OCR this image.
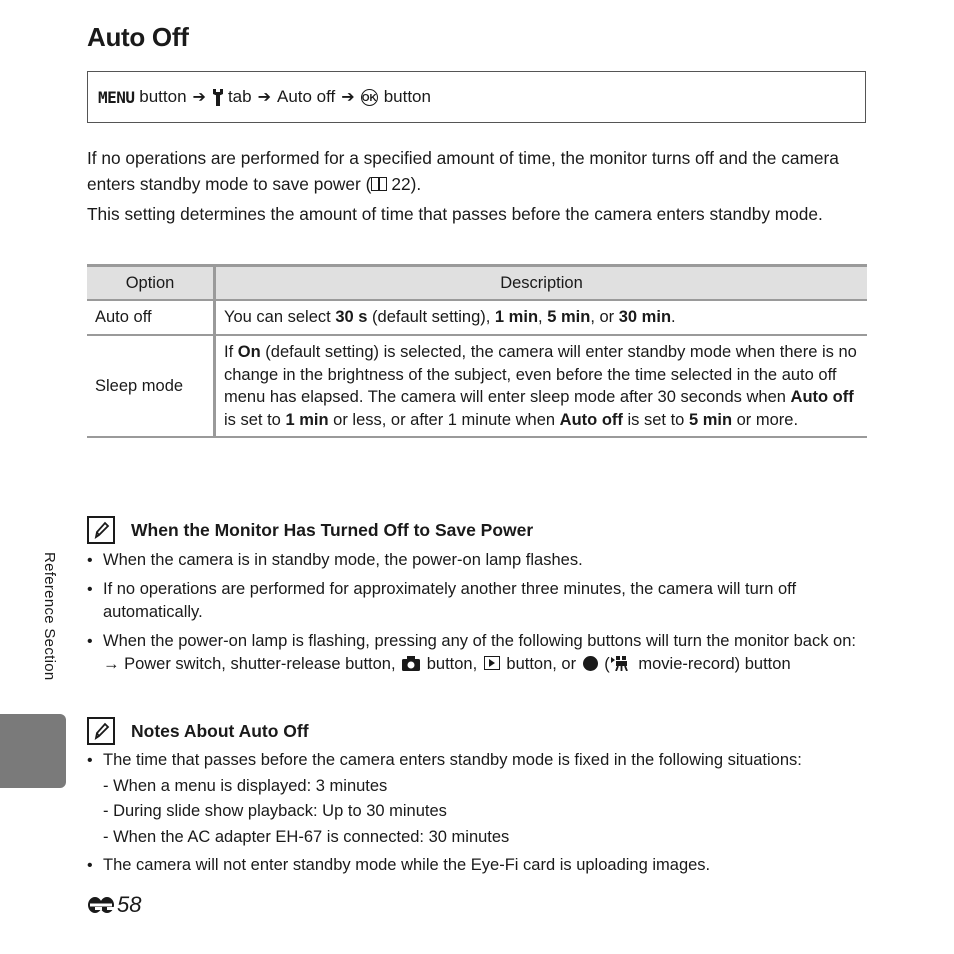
Auto Off
MENU
button ➔ tab ➔ Auto off ➔ OK button

If no operations are performed for a specified amount of time, the monitor turns off and the camera enters standby mode to save power ( 22).

This setting determines the amount of time that passes before the camera enters standby mode.

Option	Description
Auto off	You can select 30 s (default setting), 1 min, 5 min, or 30 min.
Sleep mode	If On (default setting) is selected, the camera will enter standby mode when there is no change in the brightness of the subject, even before the time selected in the auto off menu has elapsed. The camera will enter sleep mode after 30 seconds when Auto off is set to 1 min or less, or after 1 minute when Auto off is set to 5 min or more.
When the Monitor Has Turned Off to Save Power
• When the camera is in standby mode, the power-on lamp flashes.
• If no operations are performed for approximately another three minutes, the camera will turn off automatically.
• When the power-on lamp is flashing, pressing any of the following buttons will turn the monitor back on:
→ Power switch, shutter-release button, button, button, or ( movie-record) button
Notes About Auto Off
• The time that passes before the camera enters standby mode is fixed in the following situations:
- When a menu is displayed: 3 minutes
- During slide show playback: Up to 30 minutes
- When the AC adapter EH-67 is connected: 30 minutes
• The camera will not enter standby mode while the Eye-Fi card is uploading images.
Reference Section
58
